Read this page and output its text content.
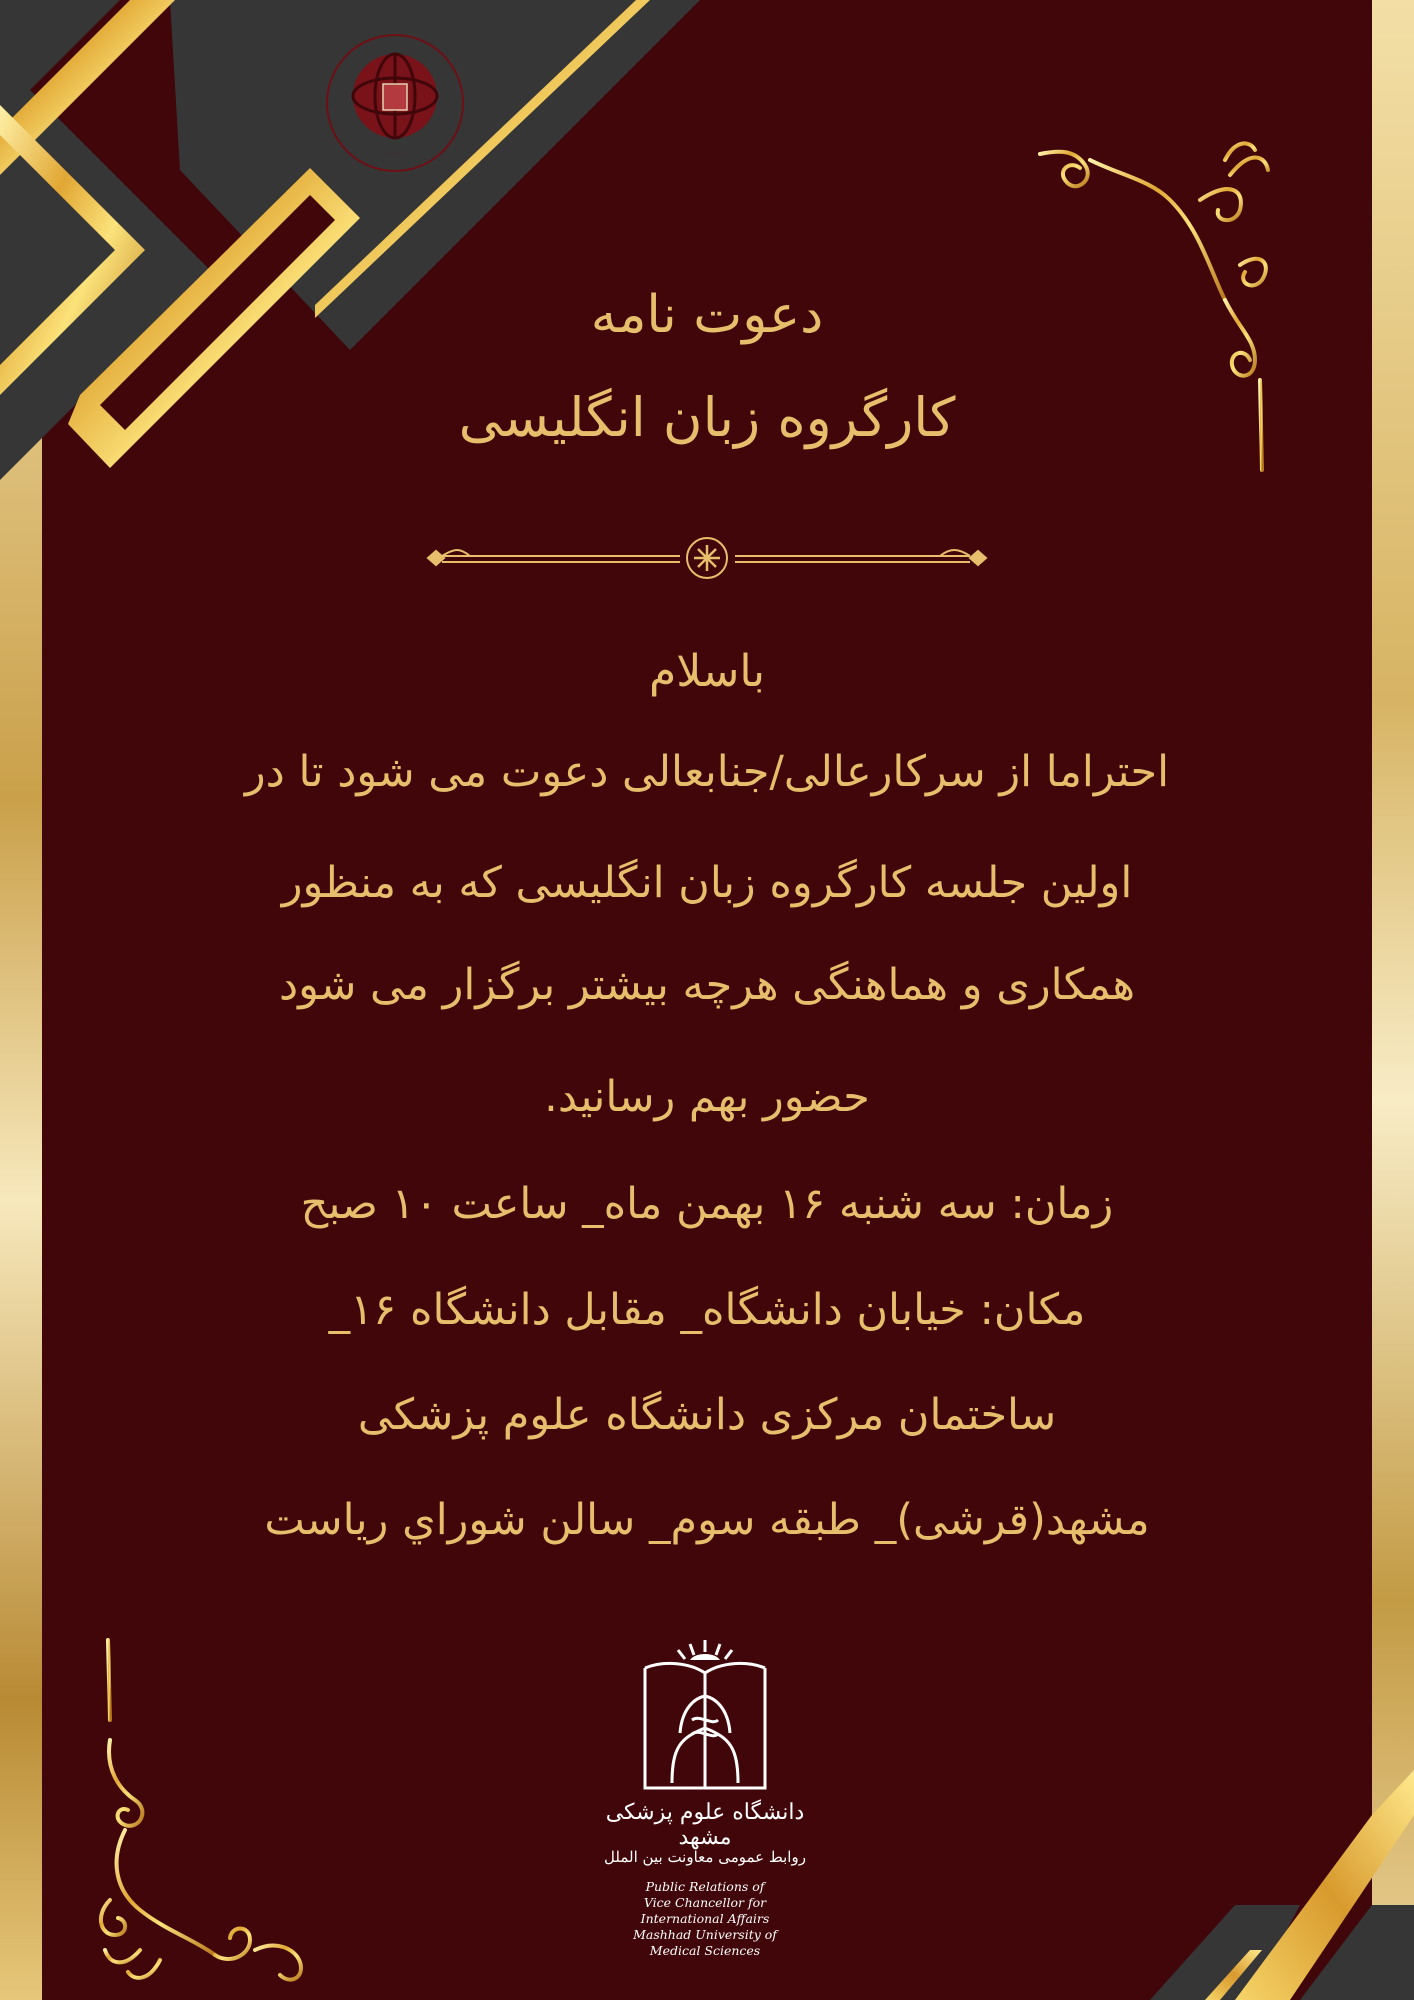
· · · · ·
دعوت نامه
کارگروه زبان انگلیسی
باسلام
احتراما از سرکارعالی/جنابعالی دعوت می شود تا در
اولین جلسه کارگروه زبان انگلیسی که به منظور
همکاری و هماهنگی هرچه بیشتر برگزار می شود
حضور بهم رسانید.
زمان: سه شنبه ۱۶ بهمن ماه_ ساعت ۱۰ صبح
مکان: خیابان دانشگاه_ مقابل دانشگاه ۱۶_
ساختمان مرکزی دانشگاه علوم پزشکی
مشهد(قرشی)_ طبقه سوم_ سالن شوراي رياست
دانشگاه علوم پزشکی مشهد
روابط عمومی معاونت بین الملل
Public Relations of
Vice Chancellor for
International Affairs
Mashhad University of
Medical Sciences
